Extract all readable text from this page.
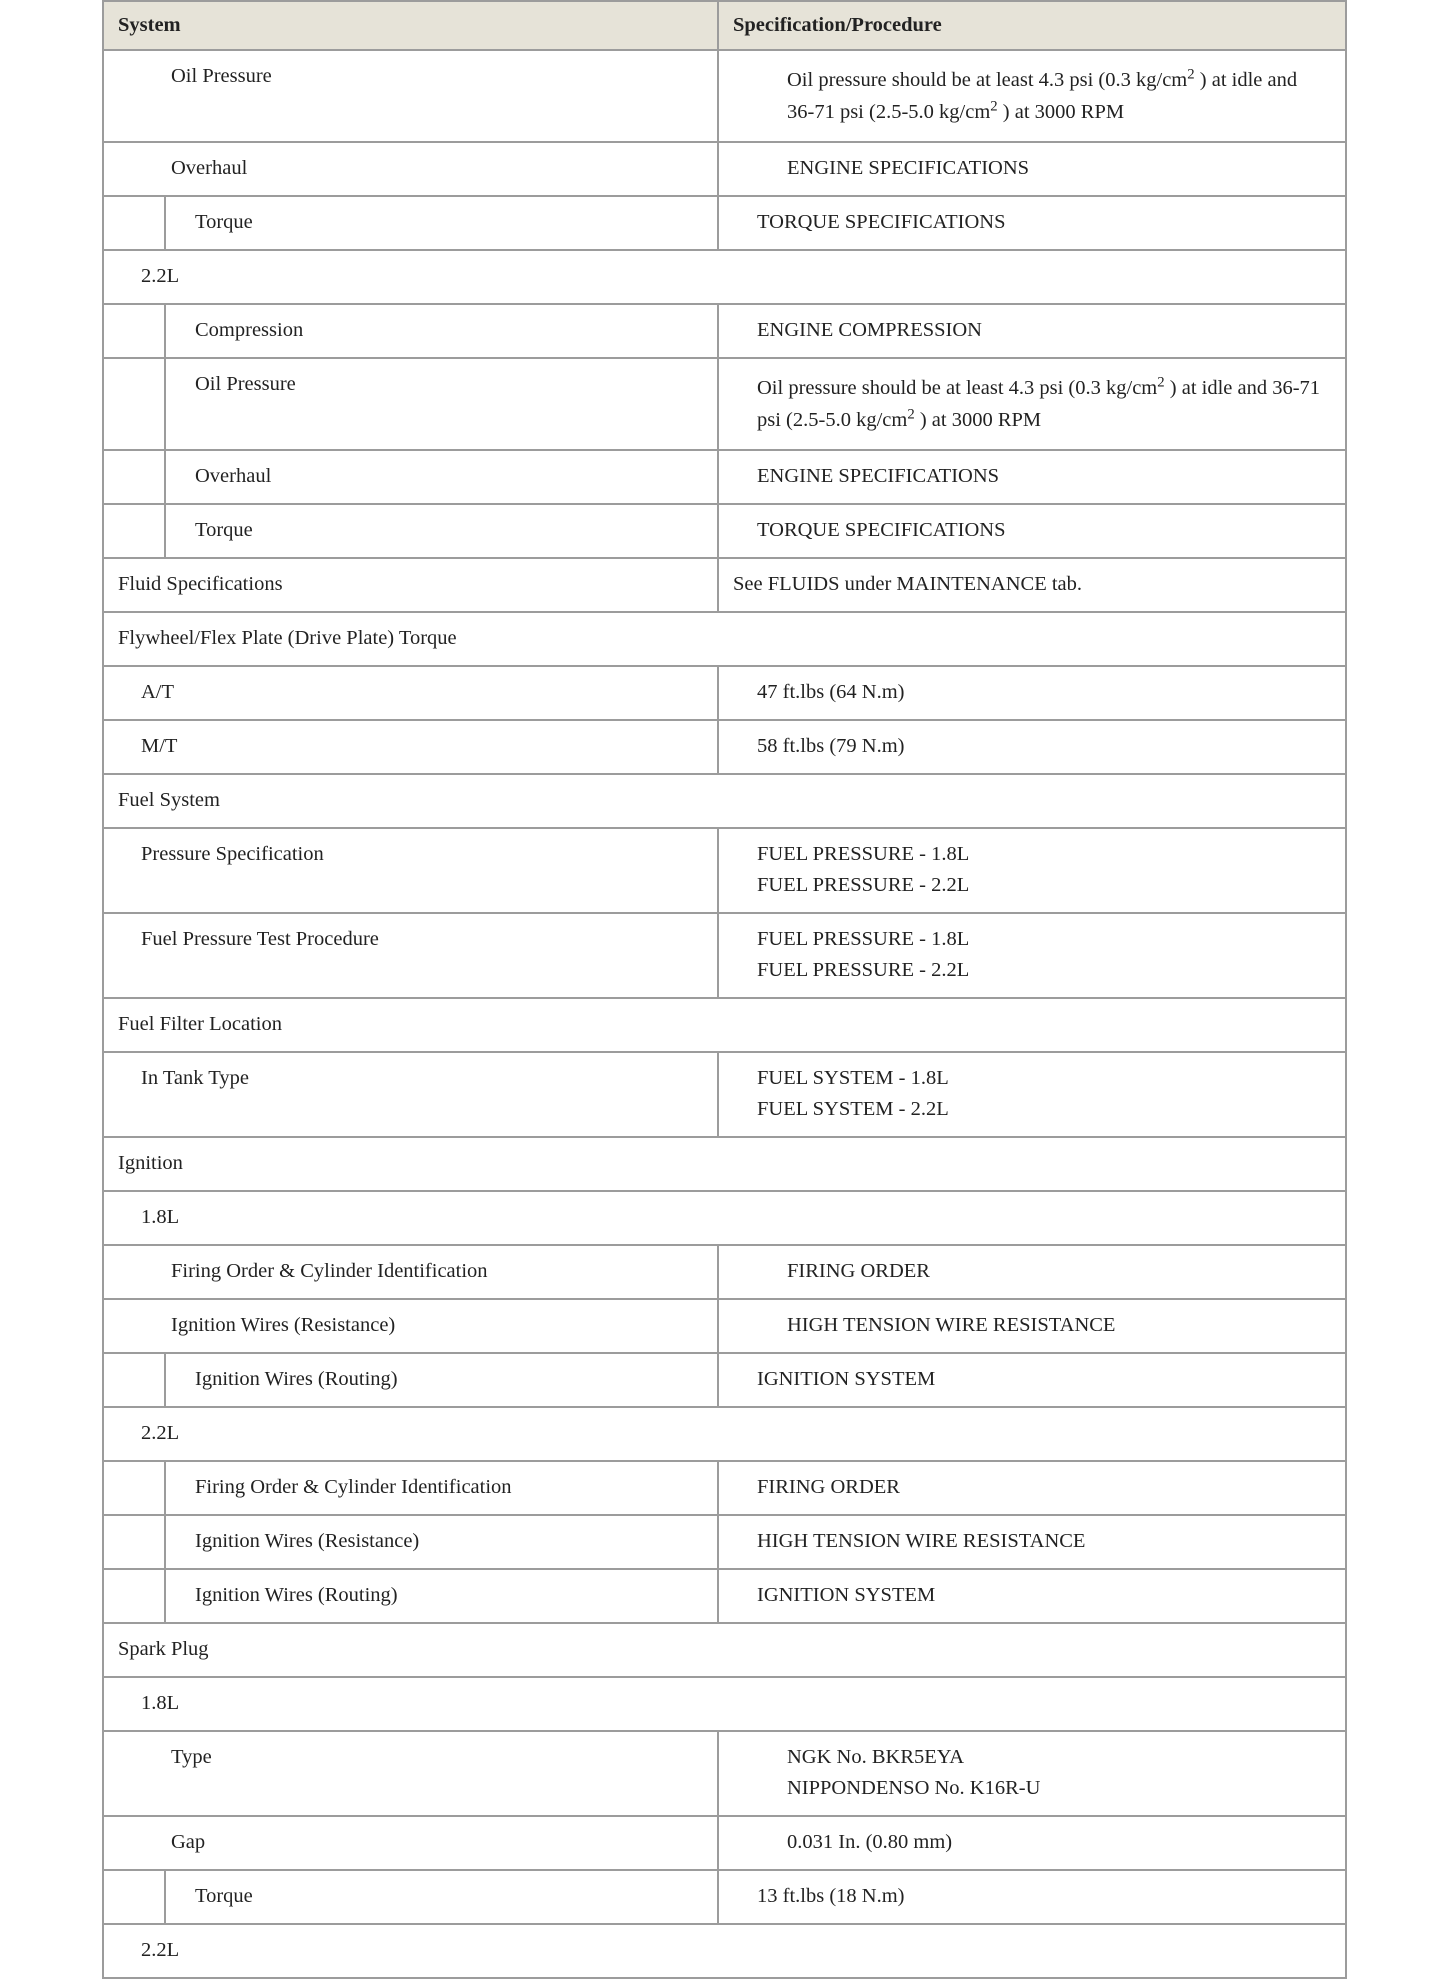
System	Specification/Procedure
Oil Pressure	Oil pressure should be at least 4.3 psi (0.3 $kg/cm^2$ ) at idle and 36-71 psi (2.5-5.0 $kg/cm^2$ ) at 3000 RPM
Overhaul	ENGINE SPECIFICATIONS

Torque	TORQUE SPECIFICATIONS

2.2L	

Compression	ENGINE COMPRESSION

Oil Pressure	Oil pressure should be at least 4.3 psi (0.3 $kg/cm^2$ ) at idle and 36-71 psi (2.5-5.0 $kg/cm^2$ ) at 3000 RPM

Overhaul	ENGINE SPECIFICATIONS

Torque	TORQUE SPECIFICATIONS

Fluid Specifications	See FLUIDS under MAINTENANCE tab.

Flywheel/Flex Plate (Drive Plate) Torque	
A/T	47 ft.lbs (64 N.m)

M/T	58 ft.lbs (79 N.m)

Fuel System	
Pressure Specification	FUEL PRESSURE - 1.8L
FUEL PRESSURE - 2.2L

Fuel Pressure Test Procedure	FUEL PRESSURE - 1.8L
FUEL PRESSURE - 2.2L

Fuel Filter Location	
In Tank Type	FUEL SYSTEM - 1.8L
FUEL SYSTEM - 2.2L

Ignition	
1.8L	
Firing Order & Cylinder Identification	FIRING ORDER

Ignition Wires (Resistance)	HIGH TENSION WIRE RESISTANCE

Ignition Wires (Routing)	IGNITION SYSTEM

2.2L	

Firing Order & Cylinder Identification	FIRING ORDER

Ignition Wires (Resistance)	HIGH TENSION WIRE RESISTANCE

Ignition Wires (Routing)	IGNITION SYSTEM

Spark Plug	
1.8L	
Type	NGK No. BKR5EYA
NIPPONDENSO No. K16R-U

Gap	0.031 In. (0.80 mm)

Torque	13 ft.lbs (18 N.m)

2.2L	
